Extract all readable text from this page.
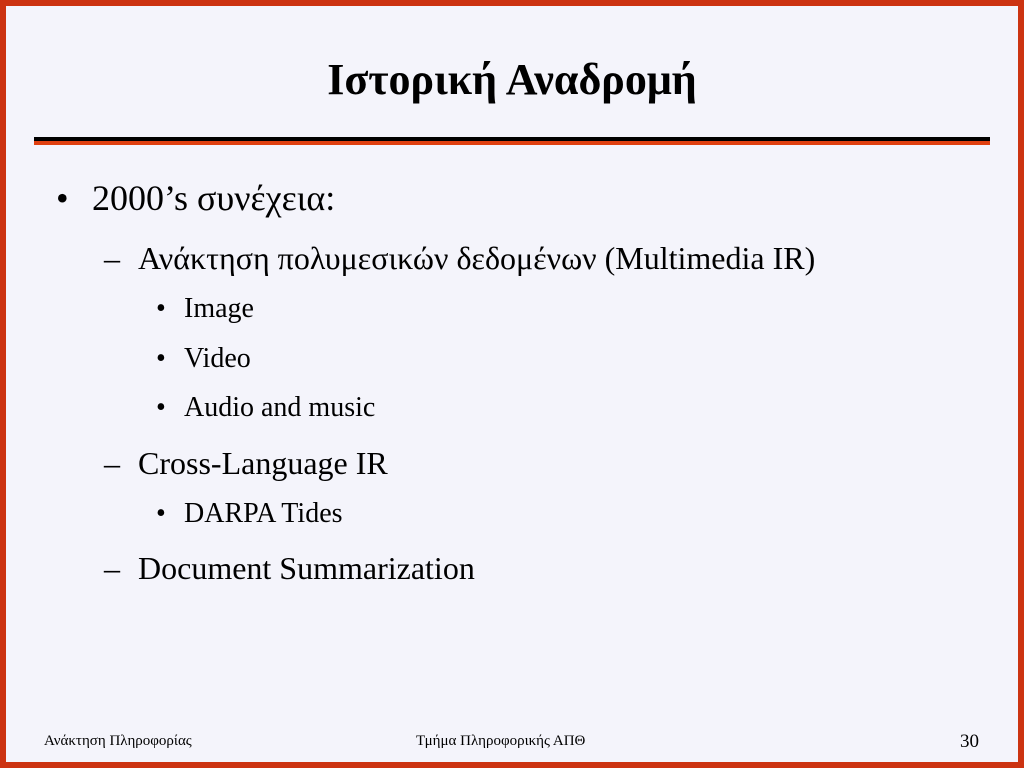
Ιστορική Αναδρομή
• 2000’s συνέχεια:
– Ανάκτηση πολυμεσικών δεδομένων (Multimedia IR)
• Image
• Video
• Audio and music
– Cross-Language IR
• DARPA Tides
– Document Summarization
Ανάκτηση Πληροφορίας	Τμήμα Πληροφορικής ΑΠΘ	30
